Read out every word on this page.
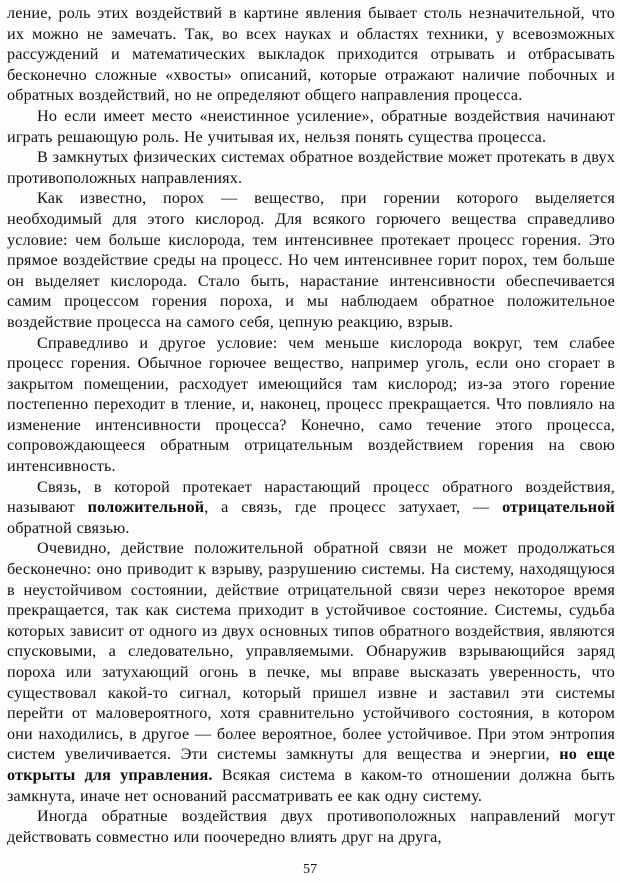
ление, роль этих воздействий в картине явления бывает столь незначительной, что их можно не замечать. Так, во всех науках и областях техники, у всевозможных рассуждений и математических выкладок приходится отрывать и отбрасывать бесконечно сложные «хвосты» описаний, которые отражают наличие побочных и обратных воздействий, но не определяют общего направления процесса.

Но если имеет место «неистинное усиление», обратные воздействия начинают играть решающую роль. Не учитывая их, нельзя понять существа процесса.

В замкнутых физических системах обратное воздействие может протекать в двух противоположных направлениях.

Как известно, порох — вещество, при горении которого выделяется необходимый для этого кислород. Для всякого горючего вещества справедливо условие: чем больше кислорода, тем интенсивнее протекает процесс горения. Это прямое воздействие среды на процесс. Но чем интенсивнее горит порох, тем больше он выделяет кислорода. Стало быть, нарастание интенсивности обеспечивается самим процессом горения пороха, и мы наблюдаем обратное положительное воздействие процесса на самого себя, цепную реакцию, взрыв.

Справедливо и другое условие: чем меньше кислорода вокруг, тем слабее процесс горения. Обычное горючее вещество, например уголь, если оно сгорает в закрытом помещении, расходует имеющийся там кислород; из-за этого горение постепенно переходит в тление, и, наконец, процесс прекращается. Что повлияло на изменение интенсивности процесса? Конечно, само течение этого процесса, сопровождающееся обратным отрицательным воздействием горения на свою интенсивность.

Связь, в которой протекает нарастающий процесс обратного воздействия, называют положительной, а связь, где процесс затухает, — отрицательной обратной связью.

Очевидно, действие положительной обратной связи не может продолжаться бесконечно: оно приводит к взрыву, разрушению системы. На систему, находящуюся в неустойчивом состоянии, действие отрицательной связи через некоторое время прекращается, так как система приходит в устойчивое состояние. Системы, судьба которых зависит от одного из двух основных типов обратного воздействия, являются спусковыми, а следовательно, управляемыми. Обнаружив взрывающийся заряд пороха или затухающий огонь в печке, мы вправе высказать уверенность, что существовал какой-то сигнал, который пришел извне и заставил эти системы перейти от маловероятного, хотя сравнительно устойчивого состояния, в котором они находились, в другое — более вероятное, более устойчивое. При этом энтропия систем увеличивается. Эти системы замкнуты для вещества и энергии, но еще открыты для управления. Всякая система в каком-то отношении должна быть замкнута, иначе нет оснований рассматривать ее как одну систему.

Иногда обратные воздействия двух противоположных направлений могут действовать совместно или поочередно влиять друг на друга,

57
